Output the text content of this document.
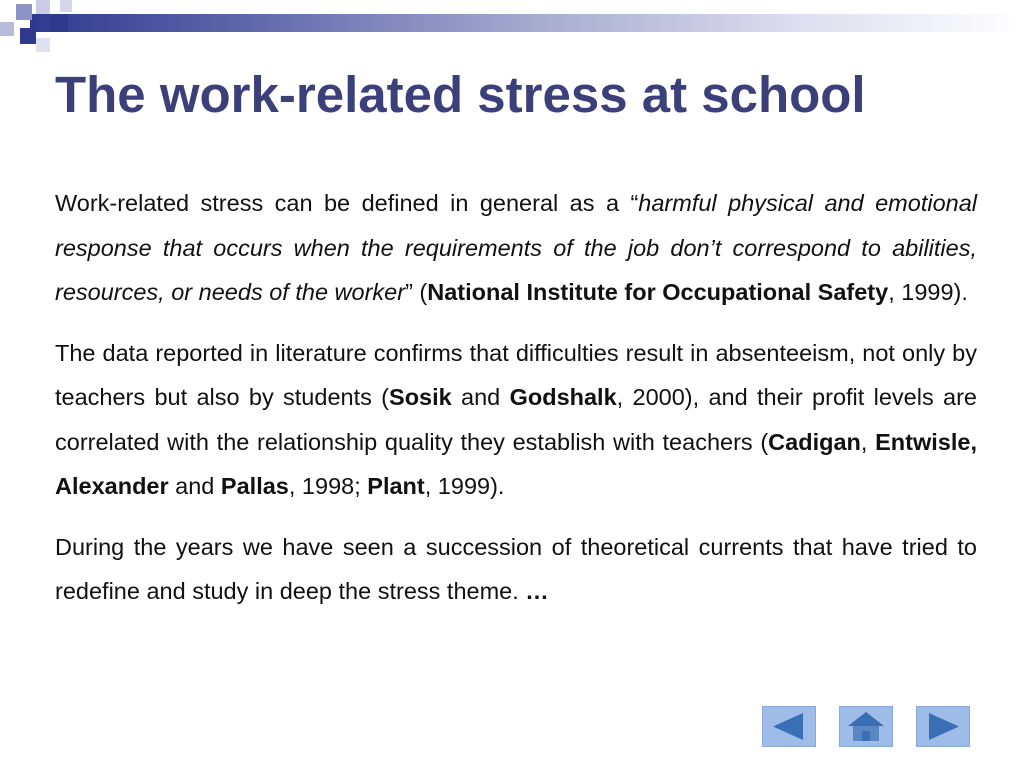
The work-related stress at school

Work-related stress can be defined in general as a “harmful physical and emotional response that occurs when the requirements of the job don’t correspond to abilities, resources, or needs of the worker” (National Institute for Occupational Safety, 1999).

The data reported in literature confirms that difficulties result in absenteeism, not only by teachers but also by students (Sosik and Godshalk, 2000), and their profit levels are correlated with the relationship quality they establish with teachers (Cadigan, Entwisle, Alexander and Pallas, 1998; Plant, 1999).

During the years we have seen a succession of theoretical currents that have tried to redefine and study in deep the stress theme. …
